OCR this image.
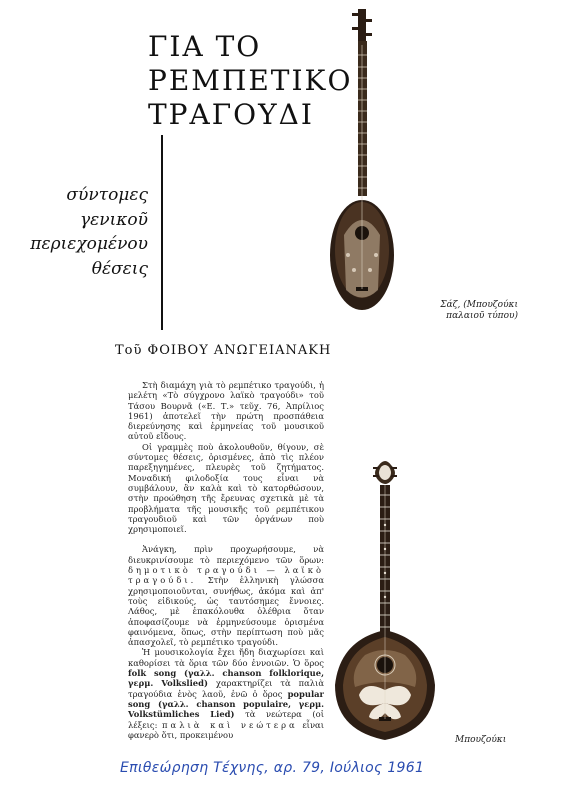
ΓΙΑ ΤΟ
ΡΕΜΠΕΤΙΚΟ
ΤΡΑΓΟΥΔΙ
σύντομες
γενικοῦ
περιεχομένου
θέσεις
Τοῦ ΦΟΙΒΟΥ ΑΝΩΓΕΙΑΝΑΚΗ

Στὴ διαμάχη γιὰ τὸ ρεμπέτικο τραγούδι, ἡ μελέτη «Τὸ σύγχρονο λαϊκὸ τραγούδι» τοῦ Τάσου Βουρνᾶ («Ε. Τ.» τεῦχ. 76, Ἀπρίλιος 1961) ἀποτελεῖ τὴν πρώτη προσπάθεια διερεύνησης καὶ ἑρμηνείας τοῦ μουσικοῦ αὐτοῦ εἴδους.

Οἱ γραμμὲς ποὺ ἀκολουθοῦν, θίγουν, σὲ σύντομες θέσεις, ὁρισμένες, ἀπὸ τὶς πλέον παρεξηγημένες, πλευρὲς τοῦ ζητήματος. Μοναδική φιλοδοξία τους εἶναι νὰ συμβάλουν, ἂν καλὰ καὶ τὸ κατορθώσουν, στὴν προώθηση τῆς ἔρευνας σχετικὰ μὲ τὰ προβλήματα τῆς μουσικῆς τοῦ ρεμπέτικου τραγουδιοῦ καὶ τῶν ὀργάνων ποὺ χρησιμοποιεῖ.

Ἀνάγκη, πρὶν προχωρήσουμε, νὰ διευκρινίσουμε τὸ περιεχόμενο τῶν ὅρων: δημοτικὸ τραγούδι — λαϊκὸ τραγούδι. Στὴν ἑλληνικὴ γλώσσα χρησιμοποιοῦνται, συνήθως, ἀκόμα καὶ ἀπ' τοὺς εἰδικούς, ὡς ταυτόσημες ἔννοιες. Λάθος, μὲ ἐπακόλουθα ὀλέθρια ὅταν ἀποφασίζουμε νὰ ἑρμηνεύσουμε ὁρισμένα φαινόμενα, ὅπως, στὴν περίπτωση ποὺ μᾶς ἀπασχολεῖ, τὸ ρεμπέτικο τραγούδι.

Ἡ μουσικολογία ἔχει ἤδη διαχωρίσει καὶ καθορίσει τὰ ὅρια τῶν δύο ἐννοιῶν. Ὁ ὅρος folk song (γαλλ. chanson folklorique, γερμ. Volkslied) χαρακτηρίζει τὰ παλιὰ τραγούδια ἑνὸς λαοῦ, ἐνῶ ὁ ὅρος popular song (γαλλ. chanson populaire, γερμ. Volkstümliches Lied) τὰ νεώτερα (οἱ λέξεις: παλιὰ καὶ νεώτερα εἶναι φανερὸ ὅτι, προκειμένου

Σάζ, (Μπουζούκι παλαιοῦ τύπου)
Μπουζούκι
Επιθεώρηση Τέχνης, αρ. 79, Ιούλιος 1961
